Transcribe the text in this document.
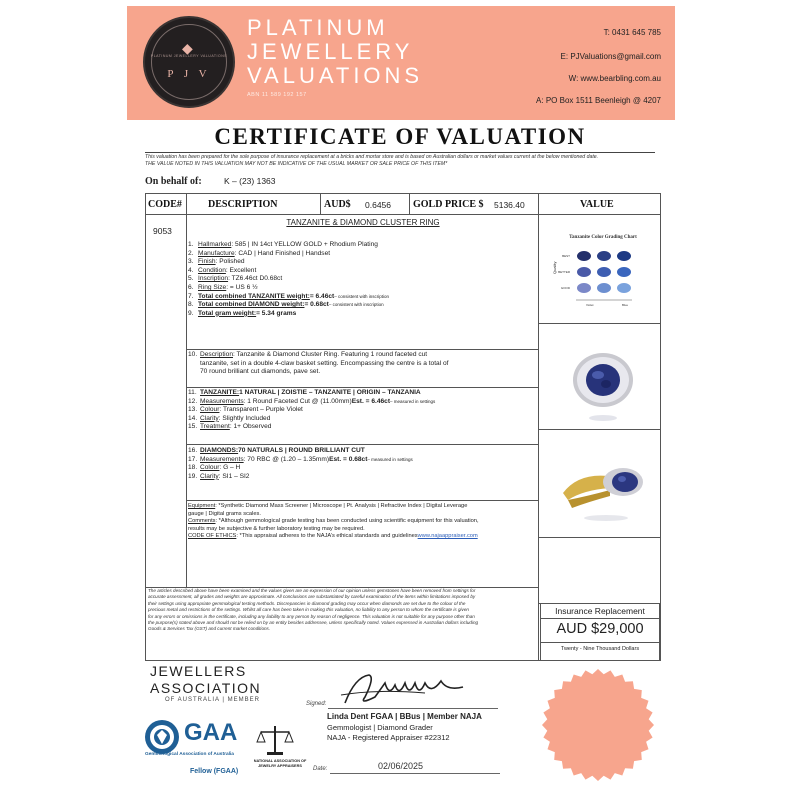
◆
PLATINUM JEWELLERY VALUATIONS
P J V
PLATINUM
JEWELLERY
VALUATIONS
ABN 11 589 192 157
T: 0431 645 785
E: PJValuations@gmail.com
W: www.bearbling.com.au
A: PO Box 1511 Beenleigh @ 4207
CERTIFICATE OF VALUATION
This valuation has been prepared for the sole purpose of insurance replacement at a bricks and mortar store and is based on Australian dollars or market values current at the below mentioned date.
THE VALUE NOTED IN THIS VALUATION MAY NOT BE INDICATIVE OF THE USUAL MARKET OR SALE PRICE OF THIS ITEM*
On behalf of:	K – (23) 1363
CODE#	DESCRIPTION	AUD$ 0.6456 GOLD PRICE $ 5136.40	VALUE
9053
TANZANITE & DIAMOND CLUSTER RING
1. Hallmarked : 585 | IN 14ct YELLOW GOLD + Rhodium Plating
2. Manufacture : CAD | Hand Finished | Handset
3. Finish : Polished
4. Condition : Excellent
5. Inscription : TZ6.46ct D0.68ct
6. Ring Size : = US 6 ½
7. Total combined TANZANITE weight: = 6.46ct – consistent with inscription
8. Total combined DIAMOND weight: = 0.68ct – consistent with inscription
9. Total gram weight: = 5.34 grams
10. Description : Tanzanite & Diamond Cluster Ring. Featuring 1 round faceted cut
tanzanite, set in a double 4-claw basket setting. Encompassing the centre is a total of
70 round brilliant cut diamonds, pave set.
11. TANZANITE: 1 NATURAL | ZOISTIE – TANZANITE | ORIGIN – TANZANIA
12. Measurements : 1 Round Faceted Cut @ (11.00mm) Est. = 6.46ct – measured in settings
13. Colour : Transparent – Purple Violet
14. Clarity : Slightly Included
15. Treatment : 1+ Observed
16. DIAMONDS: 70 NATURALS | ROUND BRILLIANT CUT
17. Measurements : 70 RBC @ (1.20 – 1.35mm) Est. = 0.68ct – measured in settings
18. Colour : G – H
19. Clarity : SI1 – SI2
Equipment : *Synthetic Diamond Mass Screener | Microscope | Pt. Analysis | Refractive Index | Digital Leverage
gauge | Digital grams scales.
Comments : *Although gemmological grade testing has been conducted using scientific equipment for this valuation,
results may be subjective & further laboratory testing may be required.
CODE OF ETHICS : *This appraisal adheres to the NAJA’s ethical standards and guidelines www.najaappraiser.com
Tanzanite Color Grading Chart
BEST
BETTER
GOOD
Quality
Violet	Blue
The articles described above have been examined and the values given are an expression of our opinion unless gemstones have been removed from settings for
accurate assessment, all grades and weights are approximate. All conclusions are substantiated by careful examination of the items within limitations imposed by
their settings using appropriate gemmological testing methods. Discrepancies in diamond grading may occur when diamonds are set due to the colour of the
precious metal and restrictions of the settings. Whilst all care has been taken in making this valuation, no liability to any person to whom the certificate is given
for any errors or omissions in the certificate, including any liability to any person by reason of negligence. This valuation is not suitable for any purpose other than
the purpose(s) stated above and should not be relied on by an entity besides addressee, unless specifically noted. Values expressed in Australian dollars including
Goods & Services Tax (GST) and current market conditions.
Insurance Replacement
AUD $29,000
Twenty - Nine Thousand Dollars
JEWELLERS
ASSOCIATION
OF AUSTRALIA | MEMBER
GAA
Gemmological Association of Australia
Fellow (FGAA)
NATIONAL ASSOCIATION OF
JEWELRY APPRAISERS
Signed:
Linda Dent FGAA | BBus | Member NAJA
Gemmologist | Diamond Grader
NAJA - Registered Appraiser #22312
Date:	02/06/2025
